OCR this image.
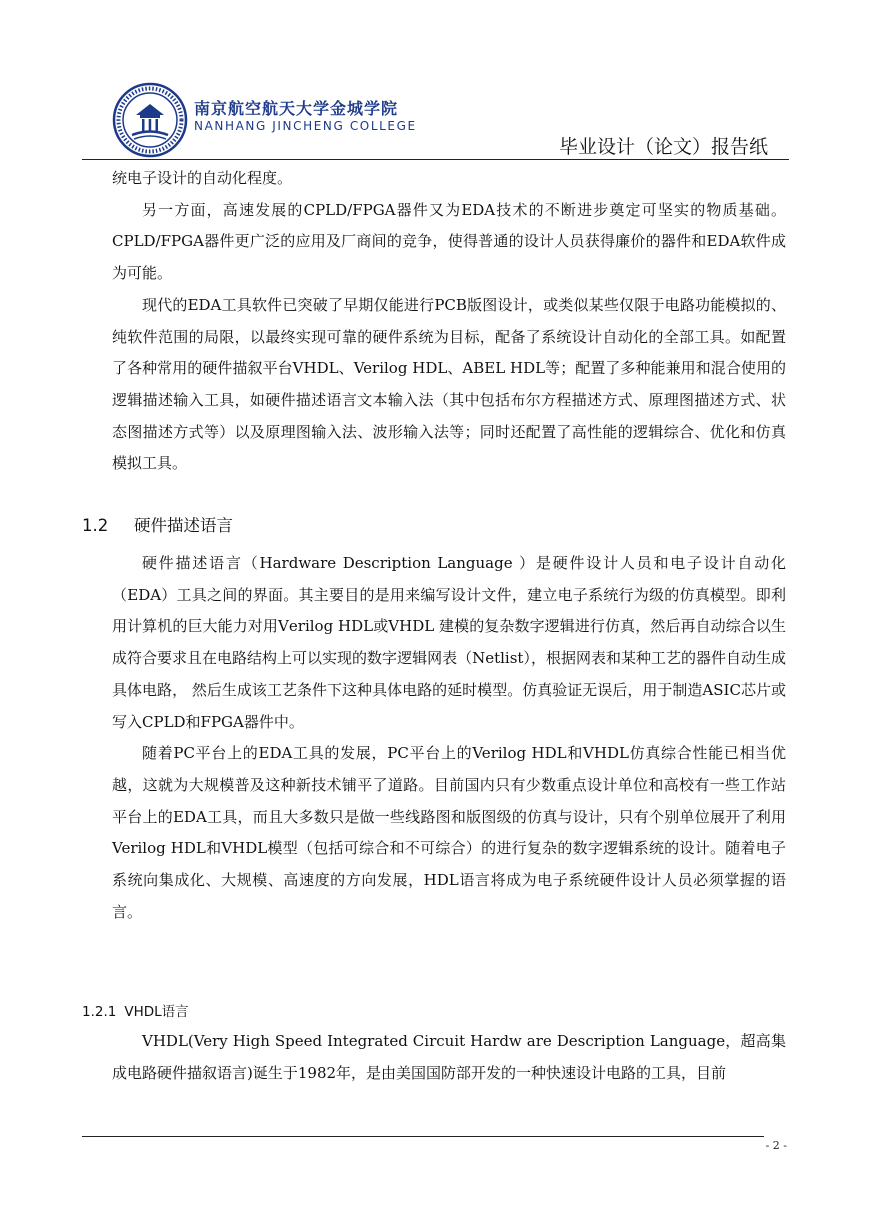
南京航空航天大学金城学院
NANHANG JINCHENG COLLEGE
毕业设计（论文）报告纸

统电子设计的自动化程度。

另一方面，高速发展的CPLD/FPGA器件又为EDA技术的不断进步奠定可坚实的物质基础。CPLD/FPGA器件更广泛的应用及厂商间的竞争，使得普通的设计人员获得廉价的器件和EDA软件成为可能。

现代的EDA工具软件已突破了早期仅能进行PCB版图设计，或类似某些仅限于电路功能模拟的、纯软件范围的局限，以最终实现可靠的硬件系统为目标，配备了系统设计自动化的全部工具。如配置了各种常用的硬件描叙平台VHDL、Verilog HDL、ABEL HDL等；配置了多种能兼用和混合使用的逻辑描述输入工具，如硬件描述语言文本输入法（其中包括布尔方程描述方式、原理图描述方式、状态图描述方式等）以及原理图输入法、波形输入法等；同时还配置了高性能的逻辑综合、优化和仿真模拟工具。

1.2 硬件描述语言

硬件描述语言（Hardware Description Language ）是硬件设计人员和电子设计自动化（EDA）工具之间的界面。其主要目的是用来编写设计文件，建立电子系统行为级的仿真模型。即利用计算机的巨大能力对用Ⅴerilog HDL或VHDL 建模的复杂数字逻辑进行仿真，然后再自动综合以生成符合要求且在电路结构上可以实现的数字逻辑网表（Netlist），根据网表和某种工艺的器件自动生成具体电路， 然后生成该工艺条件下这种具体电路的延时模型。仿真验证无误后，用于制造ASIC芯片或写入CPLD和FPGA器件中。

随着PC平台上的EDA工具的发展，PC平台上的Verilog HDL和VHDL仿真综合性能已相当优越，这就为大规模普及这种新技术铺平了道路。目前国内只有少数重点设计单位和高校有一些工作站平台上的EDA工具，而且大多数只是做一些线路图和版图级的仿真与设计，只有个别单位展开了利用Verilog HDL和VHDL模型（包括可综合和不可综合）的进行复杂的数字逻辑系统的设计。随着电子系统向集成化、大规模、高速度的方向发展，HDL语言将成为电子系统硬件设计人员必须掌握的语言。

1.2.1 VHDL语言

VHDL(Very High Speed Integrated Circuit Hardw are Description Language，超高集成电路硬件描叙语言)诞生于1982年，是由美国国防部开发的一种快速设计电路的工具，目前

- 2 -
